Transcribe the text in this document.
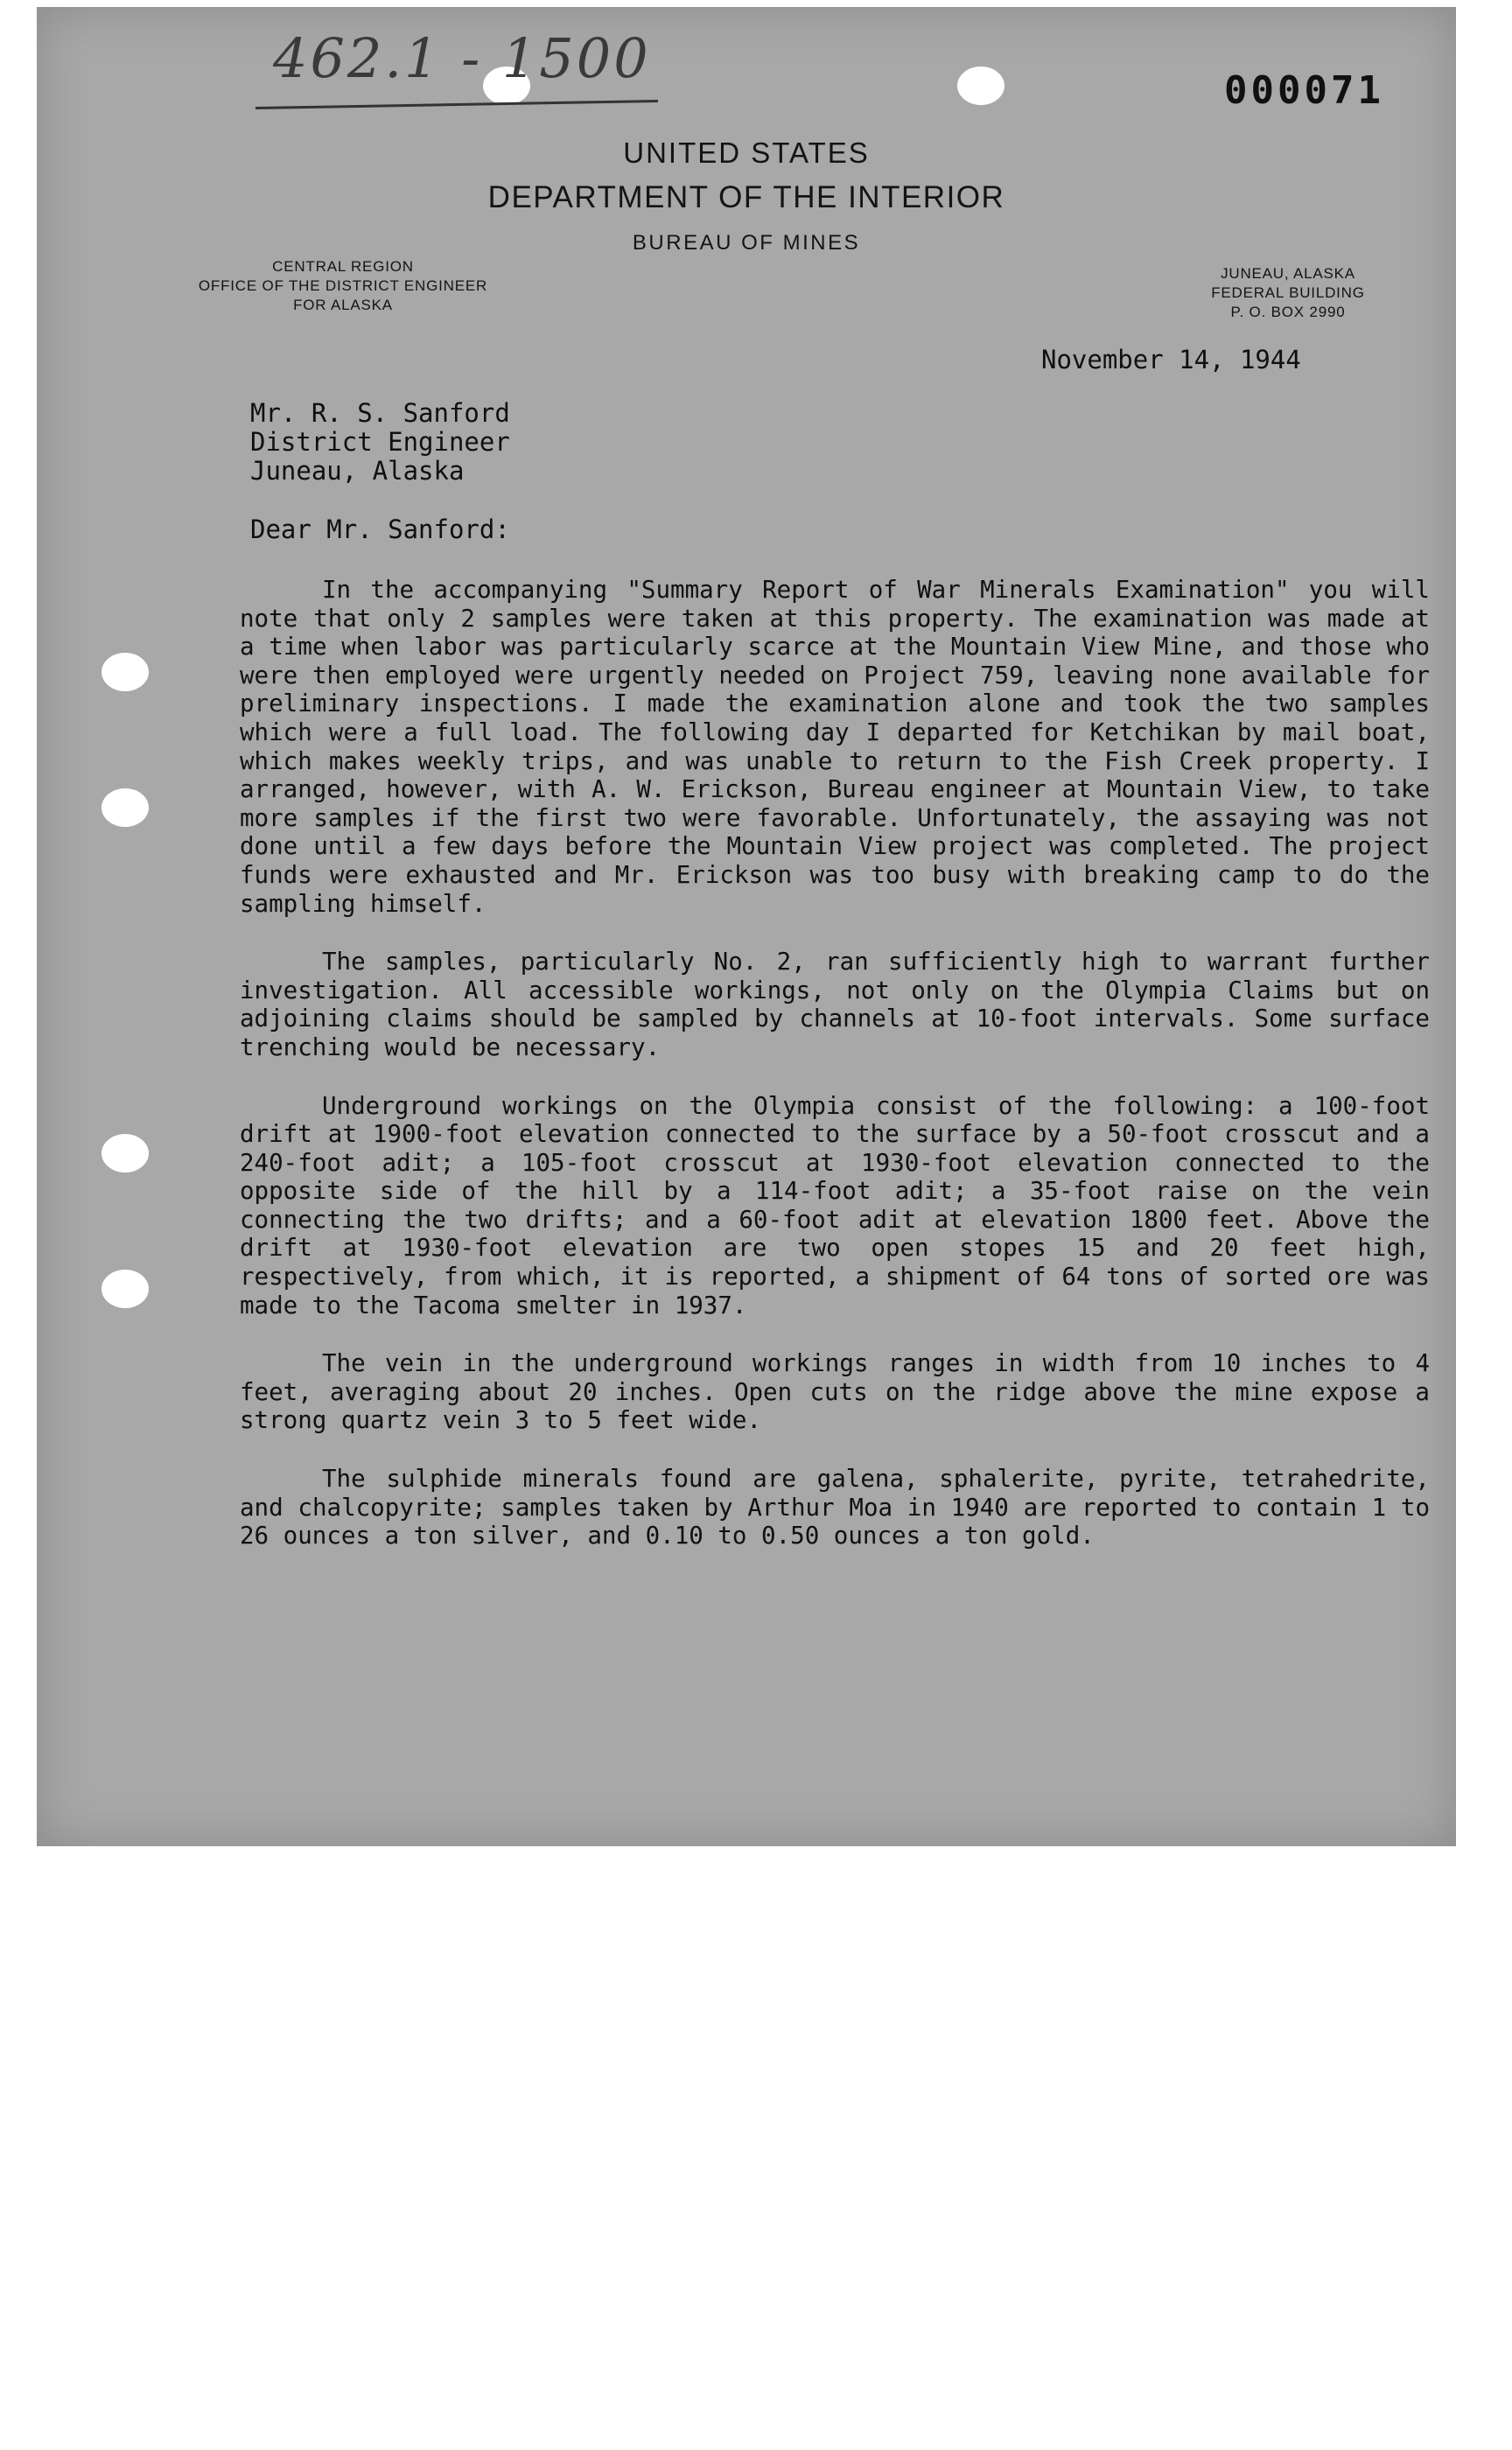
462.1 - 1500
000071
UNITED STATES
DEPARTMENT OF THE INTERIOR
BUREAU OF MINES
CENTRAL REGION
OFFICE OF THE DISTRICT ENGINEER
FOR ALASKA
JUNEAU, ALASKA
FEDERAL BUILDING
P. O. BOX 2990
November 14, 1944
Mr. R. S. Sanford
District Engineer
Juneau, Alaska
Dear Mr. Sanford:

In the accompanying "Summary Report of War Minerals Examination" you will note that only 2 samples were taken at this property. The examination was made at a time when labor was particularly scarce at the Mountain View Mine, and those who were then employed were urgently needed on Project 759, leaving none available for preliminary inspections. I made the examination alone and took the two samples which were a full load. The following day I departed for Ketchikan by mail boat, which makes weekly trips, and was unable to return to the Fish Creek property. I arranged, however, with A. W. Erickson, Bureau engineer at Mountain View, to take more samples if the first two were favorable. Unfortunately, the assaying was not done until a few days before the Mountain View project was completed. The project funds were exhausted and Mr. Erickson was too busy with breaking camp to do the sampling himself.

The samples, particularly No. 2, ran sufficiently high to warrant further investigation. All accessible workings, not only on the Olympia Claims but on adjoining claims should be sampled by channels at 10-foot intervals. Some surface trenching would be necessary.

Underground workings on the Olympia consist of the following: a 100-foot drift at 1900-foot elevation connected to the surface by a 50-foot crosscut and a 240-foot adit; a 105-foot crosscut at 1930-foot elevation connected to the opposite side of the hill by a 114-foot adit; a 35-foot raise on the vein connecting the two drifts; and a 60-foot adit at elevation 1800 feet. Above the drift at 1930-foot elevation are two open stopes 15 and 20 feet high, respectively, from which, it is reported, a shipment of 64 tons of sorted ore was made to the Tacoma smelter in 1937.

The vein in the underground workings ranges in width from 10 inches to 4 feet, averaging about 20 inches. Open cuts on the ridge above the mine expose a strong quartz vein 3 to 5 feet wide.

The sulphide minerals found are galena, sphalerite, pyrite, tetrahedrite, and chalcopyrite; samples taken by Arthur Moa in 1940 are reported to contain 1 to 26 ounces a ton silver, and 0.10 to 0.50 ounces a ton gold.
